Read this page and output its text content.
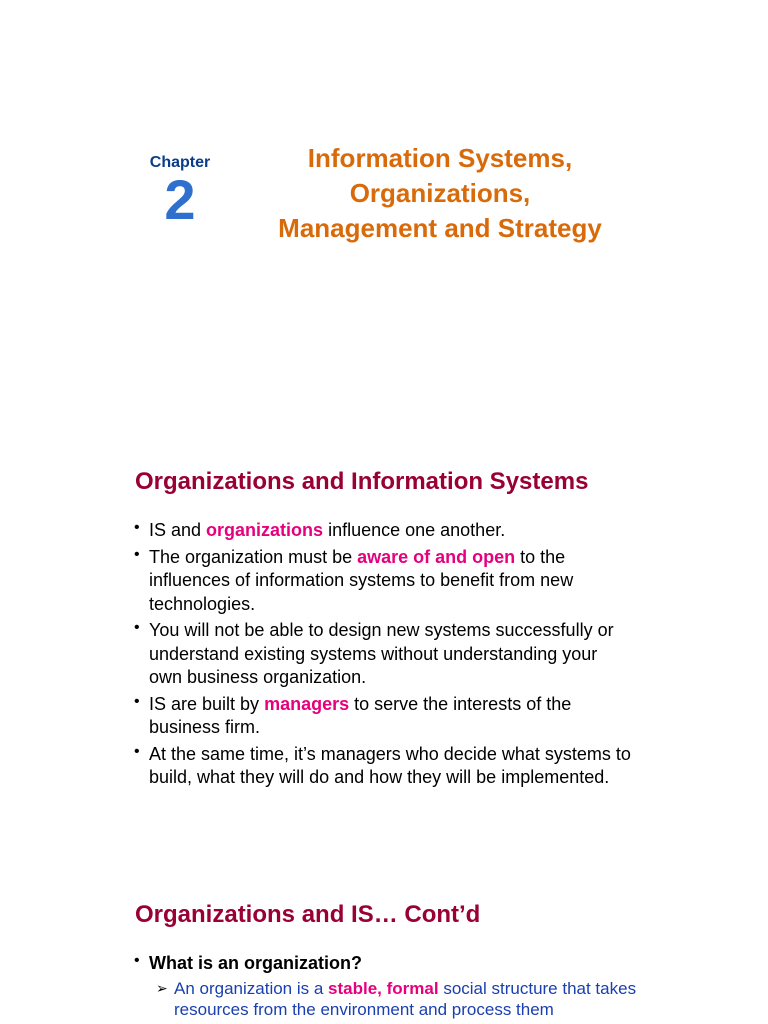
Chapter
2
Information Systems,
Organizations,
Management and Strategy
Organizations and Information Systems
• IS and organizations influence one another.
• The organization must be aware of and open to the influences of information systems to benefit from new technologies.
• You will not be able to design new systems successfully or understand existing systems without understanding your own business organization.
• IS are built by managers to serve the interests of the business firm.
• At the same time, it’s managers who decide what systems to build, what they will do and how they will be implemented.
Organizations and IS… Cont’d
• What is an organization?
➢ An organization is a stable, formal social structure that takes resources from the environment and process them
